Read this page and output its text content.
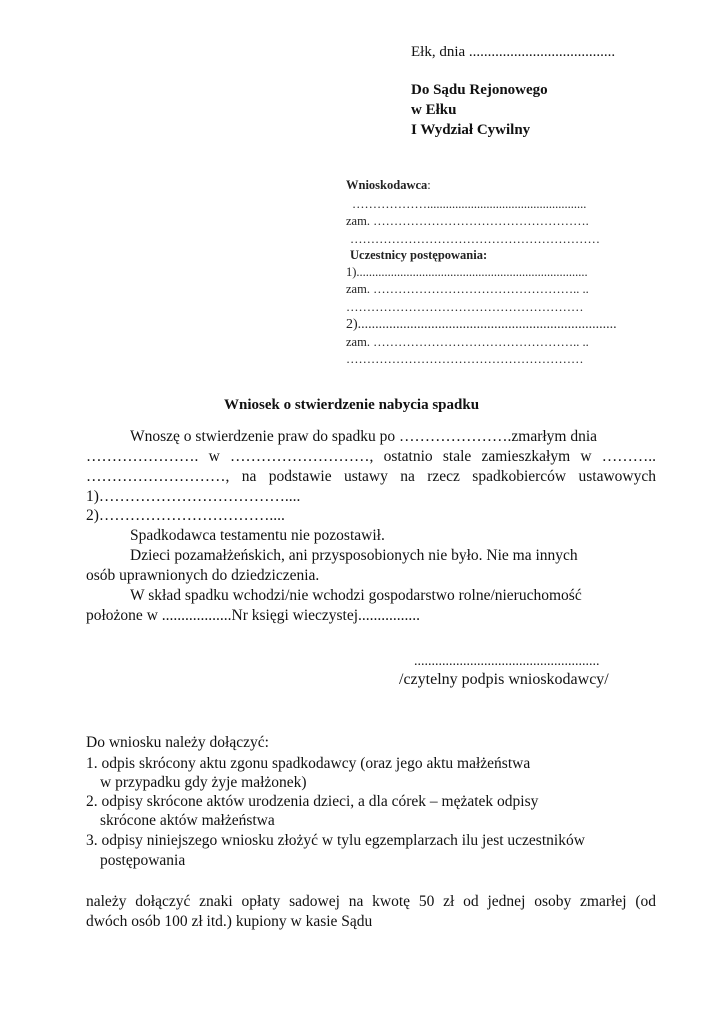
Ełk, dnia .......................................
Do Sądu Rejonowego
w Ełku
I Wydział Cywilny
Wnioskodawca:
………………...................................................
zam. …………………………………………….
……………………………………………………
Uczestnicy postępowania:
1)..........................................................................
zam. ………………………………………….. ..
…………………………………………………
2)..........................................................................
zam. ………………………………………….. ..
…………………………………………………
Wniosek o stwierdzenie nabycia spadku
Wnoszę o stwierdzenie praw do spadku po ………………….zmarłym dnia
…………………. w ………………………, ostatnio stale zamieszkałym w ………..
………………………, na podstawie ustawy na rzecz spadkobierców ustawowych
1)………………………………....
2)……………………………....
Spadkodawca testamentu nie pozostawił.
Dzieci pozamałżeńskich, ani przysposobionych nie było. Nie ma innych
osób uprawnionych do dziedziczenia.
W skład spadku wchodzi/nie wchodzi gospodarstwo rolne/nieruchomość
położone w ..................Nr księgi wieczystej................
.....................................................
/czytelny podpis wnioskodawcy/
Do wniosku należy dołączyć:
1. odpis skrócony aktu zgonu spadkodawcy (oraz jego aktu małżeństwa
w przypadku gdy żyje małżonek)
2. odpisy skrócone aktów urodzenia dzieci, a dla córek – mężatek odpisy
skrócone aktów małżeństwa
3. odpisy niniejszego wniosku złożyć w tylu egzemplarzach ilu jest uczestników
postępowania
należy dołączyć znaki opłaty sadowej na kwotę 50 zł od jednej osoby zmarłej (od
dwóch osób 100 zł itd.) kupiony w kasie Sądu
